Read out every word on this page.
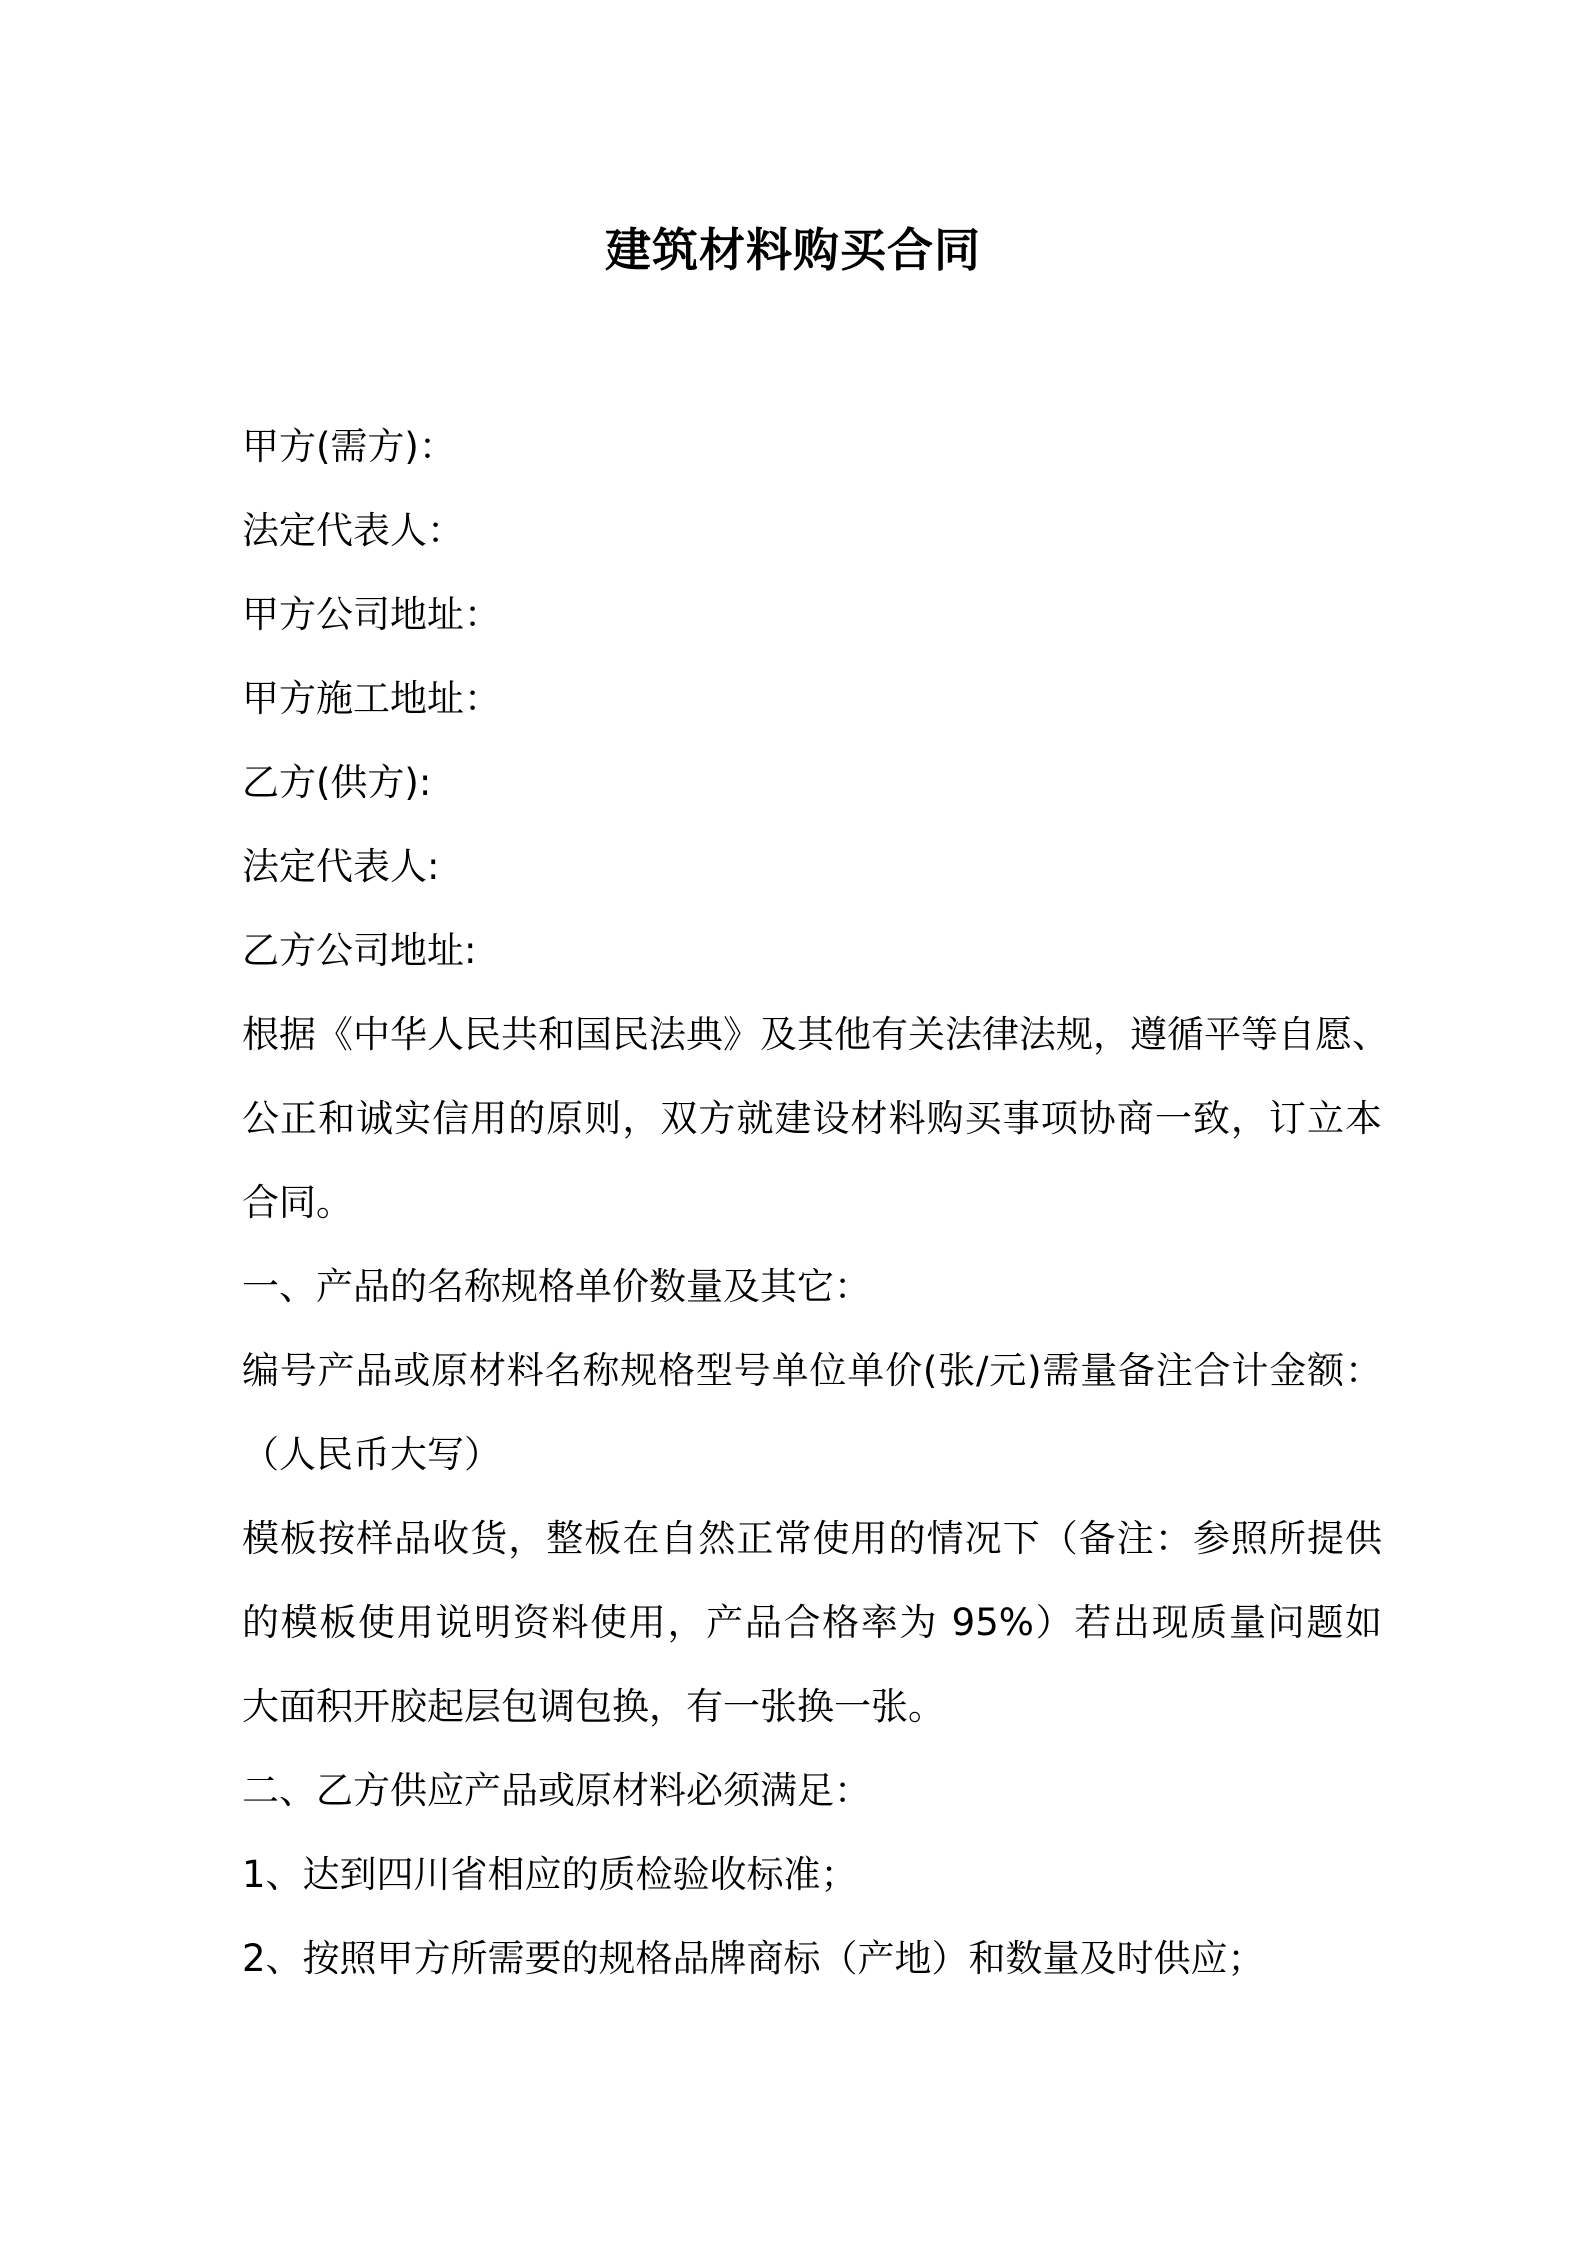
建筑材料购买合同
甲方(需方)：
法定代表人：
甲方公司地址：
甲方施工地址：
乙方(供方):
法定代表人:
乙方公司地址:
根据《中华人民共和国民法典》及其他有关法律法规，遵循平等自愿、
公正和诚实信用的原则，双方就建设材料购买事项协商一致，订立本
合同。
一、产品的名称规格单价数量及其它：
编号产品或原材料名称规格型号单位单价(张/元)需量备注合计金额：
（人民币大写）
模板按样品收货，整板在自然正常使用的情况下（备注：参照所提供
的模板使用说明资料使用，产品合格率为 95%）若出现质量问题如
大面积开胶起层包调包换，有一张换一张。
二、乙方供应产品或原材料必须满足：
1、达到四川省相应的质检验收标准；
2、按照甲方所需要的规格品牌商标（产地）和数量及时供应；
